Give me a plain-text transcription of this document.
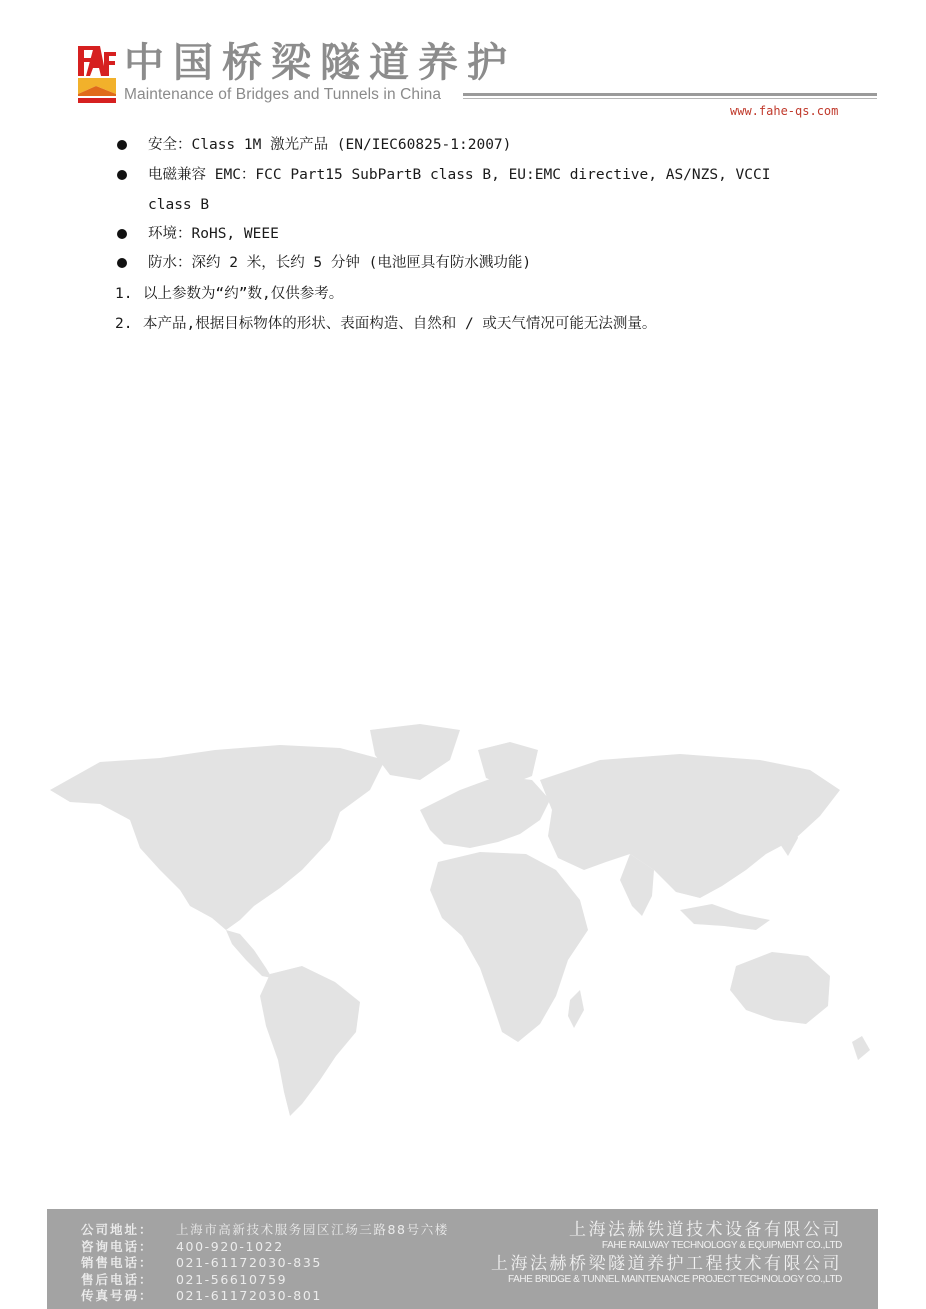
中国桥梁隧道养护
Maintenance of Bridges and Tunnels in China
www.fahe-qs.com
安全：Class 1M 激光产品 (EN/IEC60825-1:2007)
电磁兼容 EMC：FCC Part15 SubPartB class B, EU:EMC directive, AS/NZS, VCCI
class B
环境：RoHS, WEEE
防水：深约 2 米，长约 5 分钟 (电池匣具有防水溅功能)
1. 以上参数为“约”数,仅供参考。
2. 本产品,根据目标物体的形状、表面构造、自然和 / 或天气情况可能无法测量。
公司地址： 上海市高新技术服务园区江场三路88号六楼
咨询电话： 400-920-1022
销售电话： 021-61172030-835
售后电话： 021-56610759
传真号码： 021-61172030-801
上海法赫铁道技术设备有限公司
FAHE RAILWAY TECHNOLOGY & EQUIPMENT CO.,LTD
上海法赫桥梁隧道养护工程技术有限公司
FAHE BRIDGE & TUNNEL MAINTENANCE PROJECT TECHNOLOGY CO.,LTD
